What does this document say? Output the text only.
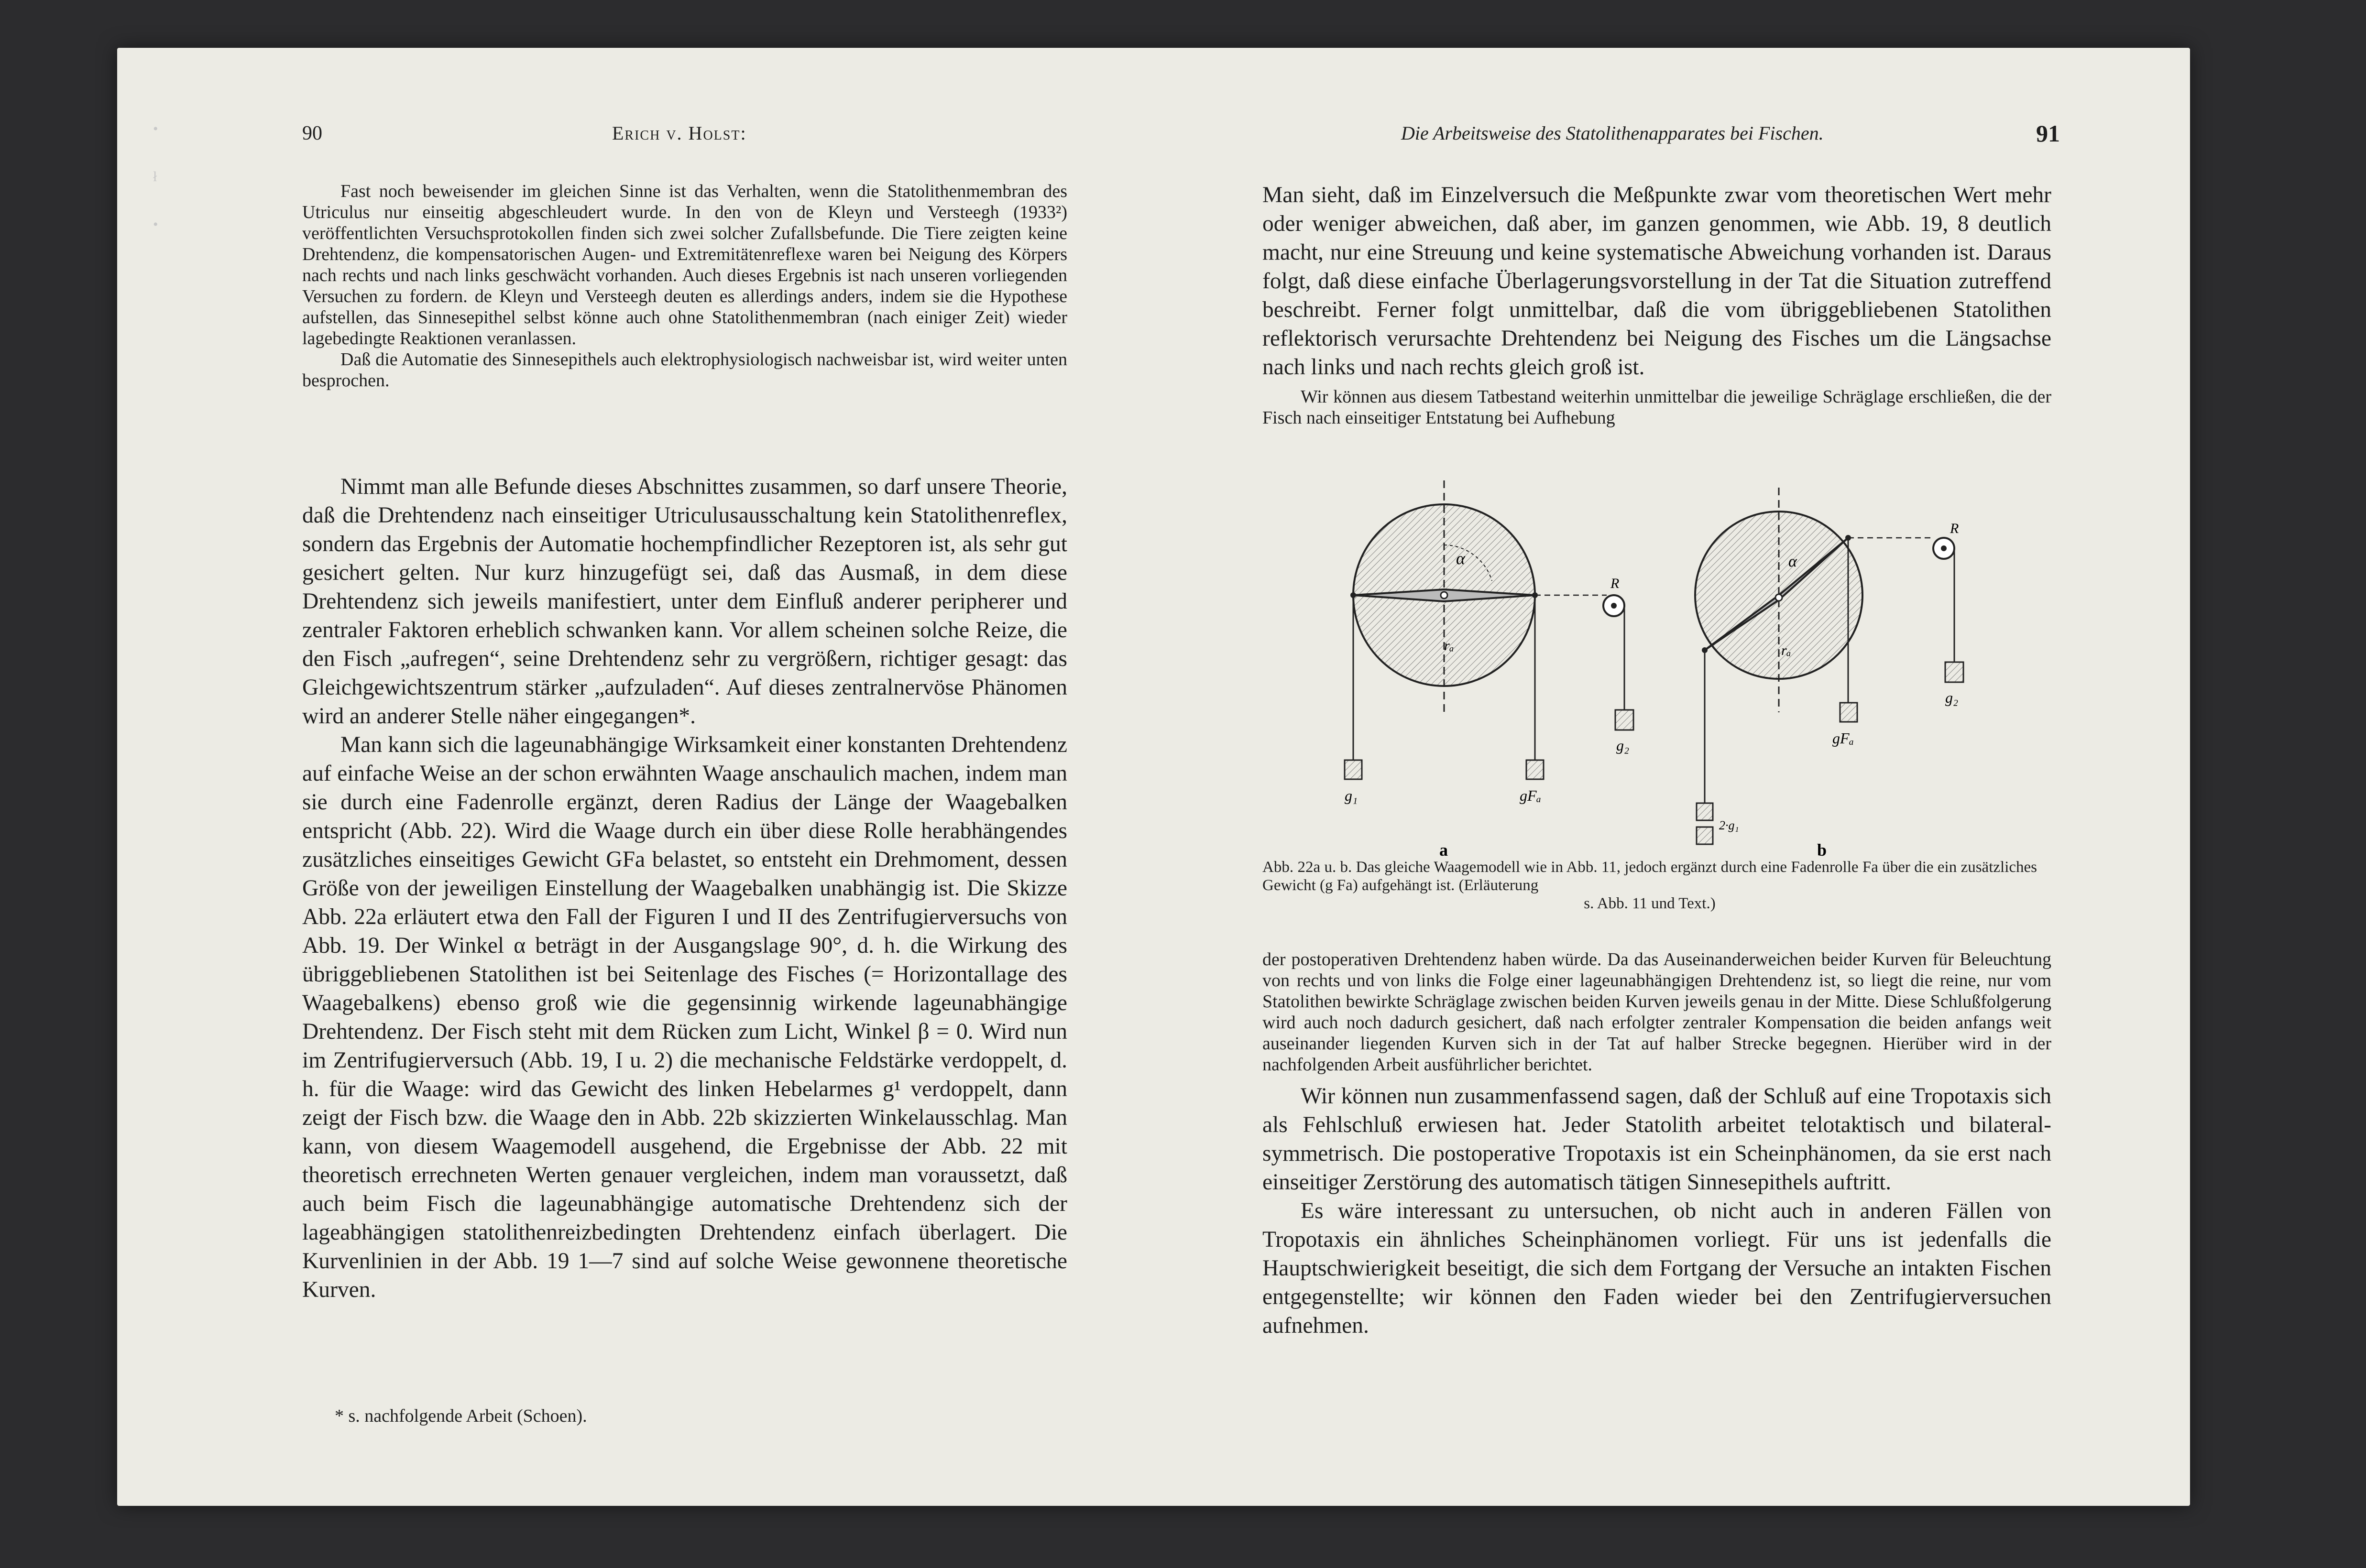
•
ł
•
90	Erich v. Holst:

Fast noch beweisender im gleichen Sinne ist das Verhalten, wenn die Statolithenmembran des Utriculus nur einseitig abgeschleudert wurde. In den von de Kleyn und Versteegh (1933²) veröffentlichten Versuchsprotokollen finden sich zwei solcher Zufallsbefunde. Die Tiere zeigten keine Drehtendenz, die kompensatorischen Augen- und Extremitätenreflexe waren bei Neigung des Körpers nach rechts und nach links geschwächt vorhanden. Auch dieses Ergebnis ist nach unseren vorliegenden Versuchen zu fordern. de Kleyn und Versteegh deuten es allerdings anders, indem sie die Hypothese aufstellen, das Sinnesepithel selbst könne auch ohne Statolithenmembran (nach einiger Zeit) wieder lagebedingte Reaktionen veranlassen.

Daß die Automatie des Sinnesepithels auch elektrophysiologisch nachweisbar ist, wird weiter unten besprochen.

Nimmt man alle Befunde dieses Abschnittes zusammen, so darf unsere Theorie, daß die Drehtendenz nach einseitiger Utriculusausschaltung kein Statolithenreflex, sondern das Ergebnis der Automatie hochempfindlicher Rezeptoren ist, als sehr gut gesichert gelten. Nur kurz hinzugefügt sei, daß das Ausmaß, in dem diese Drehtendenz sich jeweils manifestiert, unter dem Einfluß anderer peripherer und zentraler Faktoren erheblich schwanken kann. Vor allem scheinen solche Reize, die den Fisch „aufregen“, seine Drehtendenz sehr zu vergrößern, richtiger gesagt: das Gleichgewichtszentrum stärker „aufzuladen“. Auf dieses zentralnervöse Phänomen wird an anderer Stelle näher eingegangen*.

Man kann sich die lageunabhängige Wirksamkeit einer konstanten Drehtendenz auf einfache Weise an der schon erwähnten Waage anschaulich machen, indem man sie durch eine Fadenrolle ergänzt, deren Radius der Länge der Waagebalken entspricht (Abb. 22). Wird die Waage durch ein über diese Rolle herabhängendes zusätzliches einseitiges Gewicht GFa belastet, so entsteht ein Drehmoment, dessen Größe von der jeweiligen Einstellung der Waagebalken unabhängig ist. Die Skizze Abb. 22a erläutert etwa den Fall der Figuren I und II des Zentrifugierversuchs von Abb. 19. Der Winkel α beträgt in der Ausgangslage 90°, d. h. die Wirkung des übriggebliebenen Statolithen ist bei Seitenlage des Fisches (= Horizontallage des Waagebalkens) ebenso groß wie die gegensinnig wirkende lageunabhängige Drehtendenz. Der Fisch steht mit dem Rücken zum Licht, Winkel β = 0. Wird nun im Zentrifugierversuch (Abb. 19, I u. 2) die mechanische Feldstärke verdoppelt, d. h. für die Waage: wird das Gewicht des linken Hebelarmes g¹ verdoppelt, dann zeigt der Fisch bzw. die Waage den in Abb. 22b skizzierten Winkelausschlag. Man kann, von diesem Waagemodell ausgehend, die Ergebnisse der Abb. 22 mit theoretisch errechneten Werten genauer vergleichen, indem man voraussetzt, daß auch beim Fisch die lageunabhängige automatische Drehtendenz sich der lageabhängigen statolithenreizbedingten Drehtendenz einfach überlagert. Die Kurvenlinien in der Abb. 19 1—7 sind auf solche Weise gewonnene theoretische Kurven.

* s. nachfolgende Arbeit (Schoen).
Die Arbeitsweise des Statolithenapparates bei Fischen.	91

Man sieht, daß im Einzelversuch die Meßpunkte zwar vom theoretischen Wert mehr oder weniger abweichen, daß aber, im ganzen genommen, wie Abb. 19, 8 deutlich macht, nur eine Streuung und keine systematische Abweichung vorhanden ist. Daraus folgt, daß diese einfache Überlagerungsvorstellung in der Tat die Situation zutreffend beschreibt. Ferner folgt unmittelbar, daß die vom übriggebliebenen Statolithen reflektorisch verursachte Drehtendenz bei Neigung des Fisches um die Längsachse nach links und nach rechts gleich groß ist.

Wir können aus diesem Tatbestand weiterhin unmittelbar die jeweilige Schräglage erschließen, die der Fisch nach einseitiger Entstatung bei Aufhebung

R
g₂
g₁	gFₐ
α
rₐ
a
R
g₂
2·g₁
gFₐ
α
rₐ
b
Abb. 22a u. b. Das gleiche Waagemodell wie in Abb. 11, jedoch ergänzt durch eine Fadenrolle Fa über die ein zusätzliches Gewicht (g Fa) aufgehängt ist. (Erläuterung
s. Abb. 11 und Text.)

der postoperativen Drehtendenz haben würde. Da das Auseinanderweichen beider Kurven für Beleuchtung von rechts und von links die Folge einer lageunabhängigen Drehtendenz ist, so liegt die reine, nur vom Statolithen bewirkte Schräglage zwischen beiden Kurven jeweils genau in der Mitte. Diese Schlußfolgerung wird auch noch dadurch gesichert, daß nach erfolgter zentraler Kompensation die beiden anfangs weit auseinander liegenden Kurven sich in der Tat auf halber Strecke begegnen. Hierüber wird in der nachfolgenden Arbeit ausführlicher berichtet.

Wir können nun zusammenfassend sagen, daß der Schluß auf eine Tropotaxis sich als Fehlschluß erwiesen hat. Jeder Statolith arbeitet telotaktisch und bilateral-symmetrisch. Die postoperative Tropotaxis ist ein Scheinphänomen, da sie erst nach einseitiger Zerstörung des automatisch tätigen Sinnesepithels auftritt.

Es wäre interessant zu untersuchen, ob nicht auch in anderen Fällen von Tropotaxis ein ähnliches Scheinphänomen vorliegt. Für uns ist jedenfalls die Hauptschwierigkeit beseitigt, die sich dem Fortgang der Versuche an intakten Fischen entgegenstellte; wir können den Faden wieder bei den Zentrifugierversuchen aufnehmen.
